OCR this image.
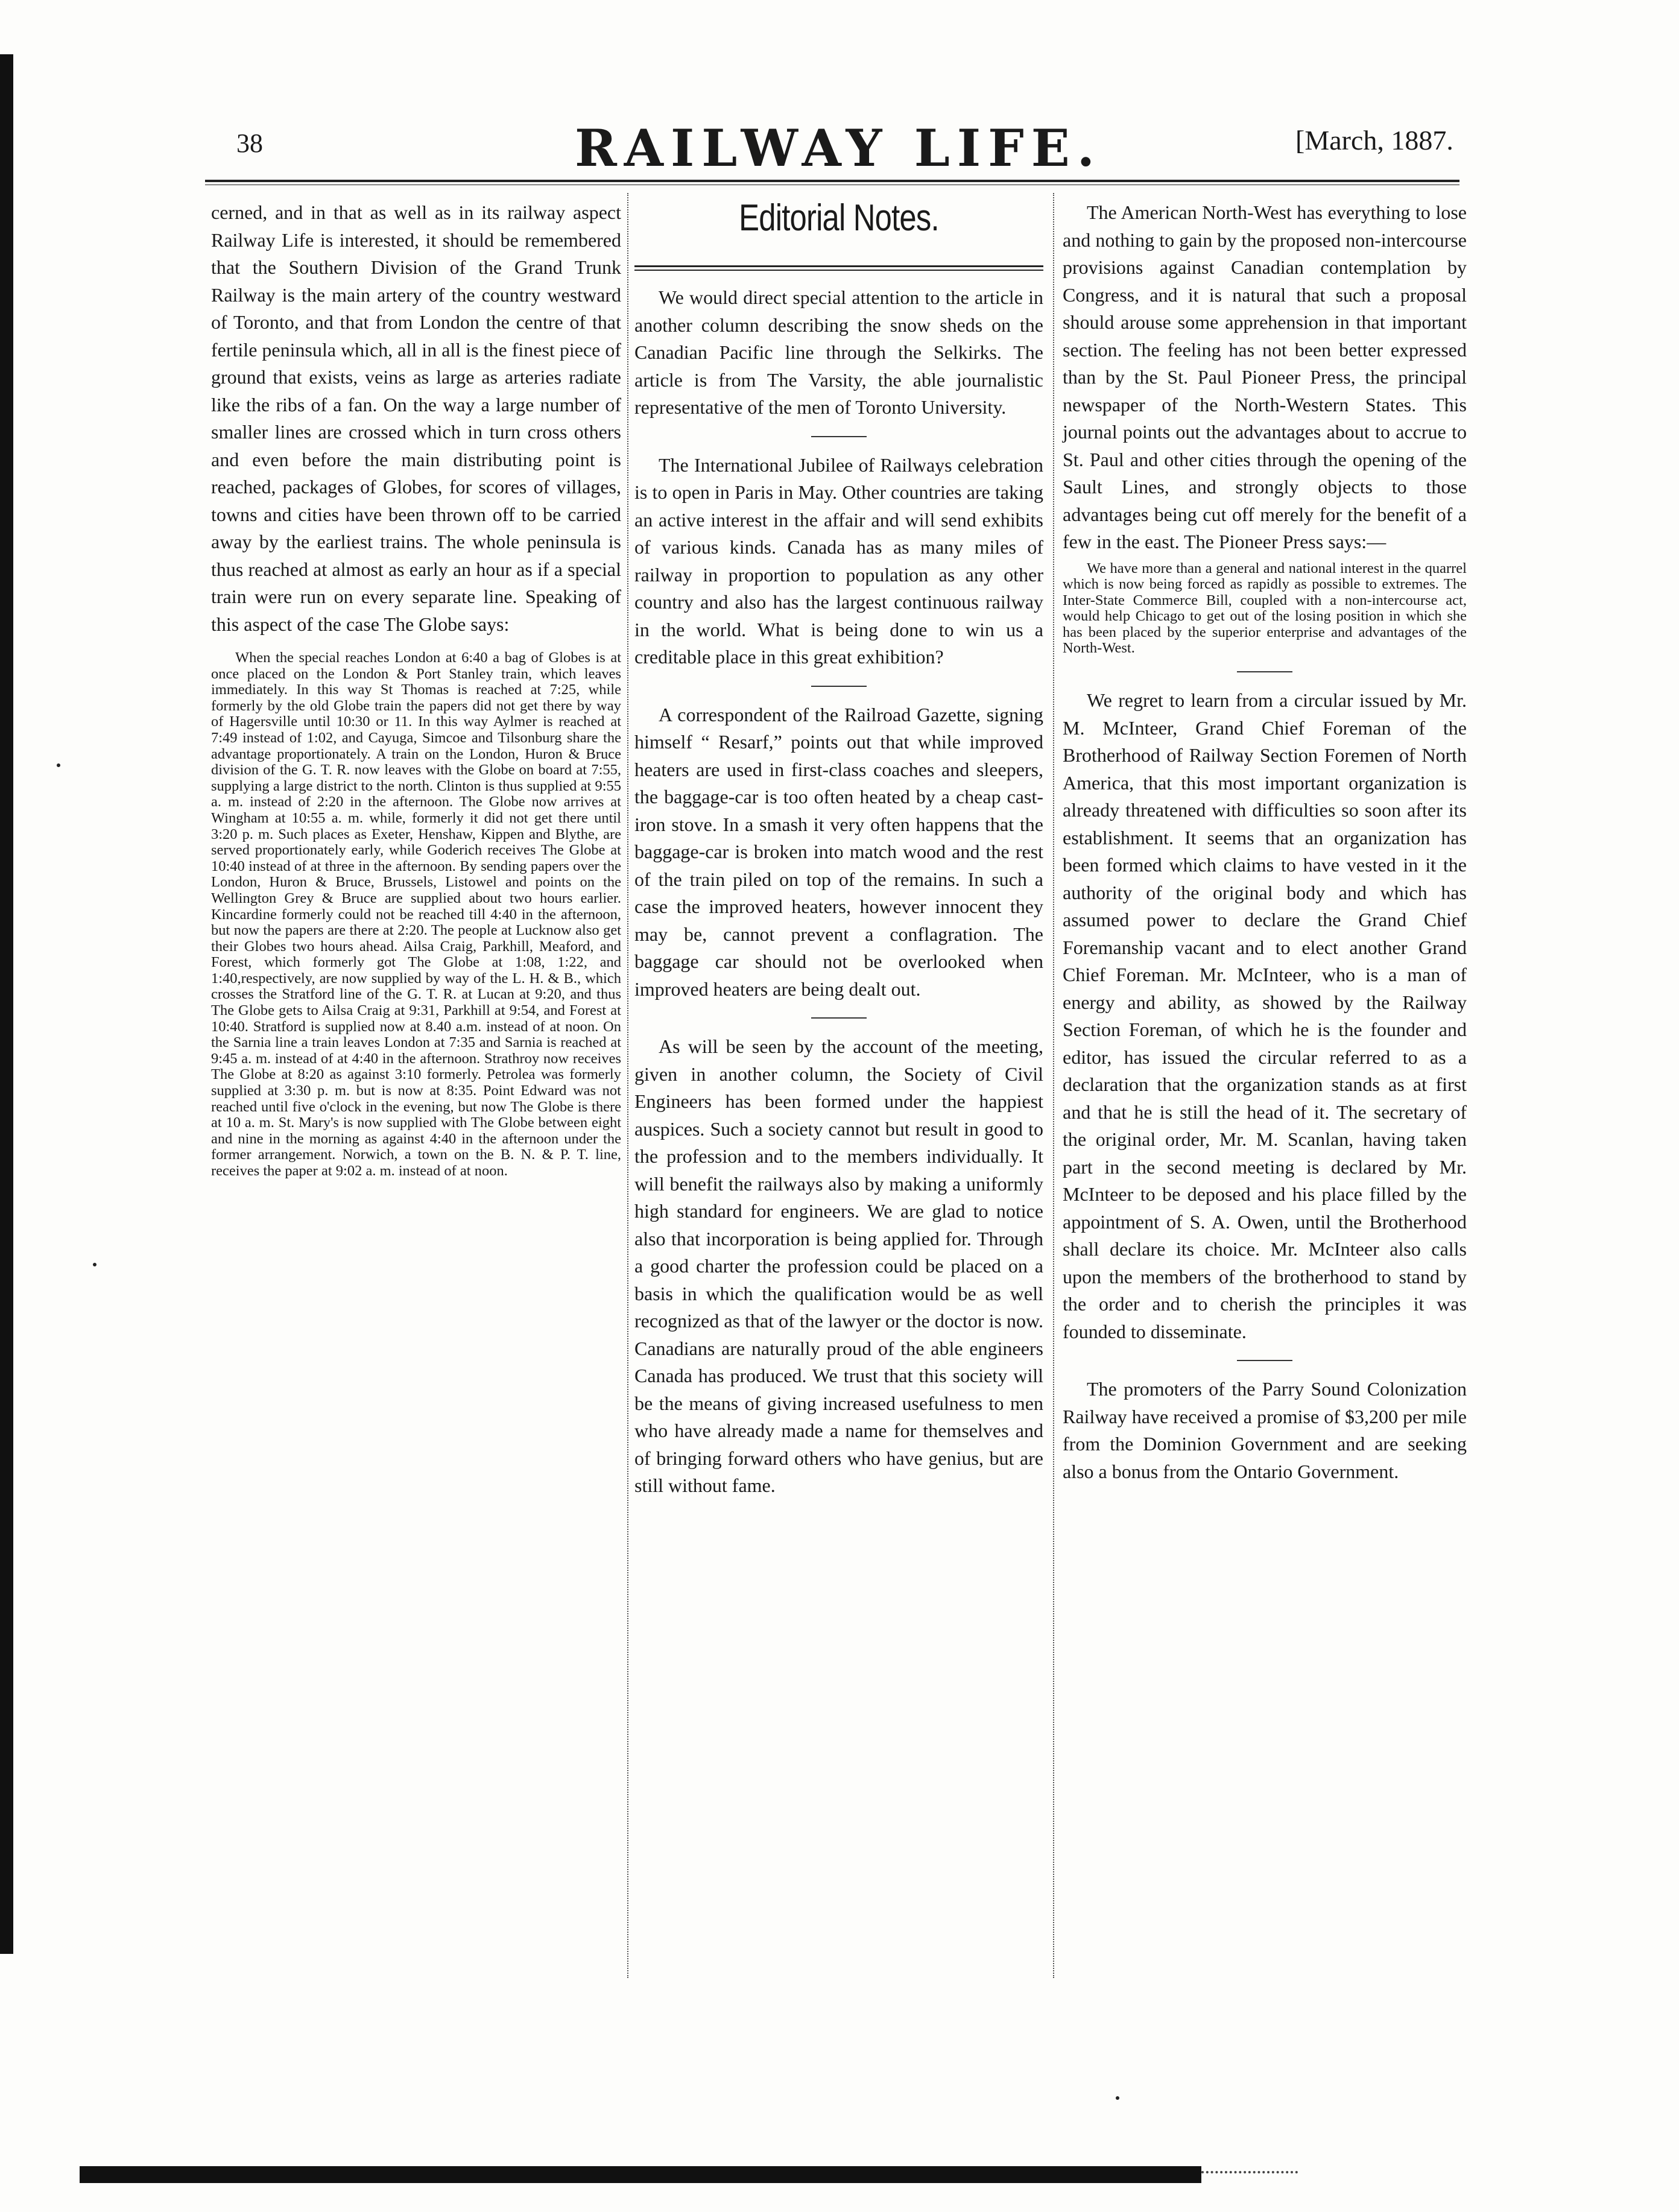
38	RAILWAY LIFE.	[March, 1887.

cerned, and in that as well as in its railway aspect Railway Life is interested, it should be remembered that the Southern Division of the Grand Trunk Railway is the main artery of the country westward of Toronto, and that from London the centre of that fertile peninsula which, all in all is the finest piece of ground that exists, veins as large as arteries radiate like the ribs of a fan. On the way a large number of smaller lines are crossed which in turn cross others and even before the main distributing point is reached, packages of Globes, for scores of villages, towns and cities have been thrown off to be carried away by the earliest trains. The whole peninsula is thus reached at almost as early an hour as if a special train were run on every separate line. Speaking of this aspect of the case The Globe says:

When the special reaches London at 6:40 a bag of Globes is at once placed on the London & Port Stanley train, which leaves immediately. In this way St Thomas is reached at 7:25, while formerly by the old Globe train the papers did not get there by way of Hagersville until 10:30 or 11. In this way Aylmer is reached at 7:49 instead of 1:02, and Cayuga, Simcoe and Tilsonburg share the advantage proportionately. A train on the London, Huron & Bruce division of the G. T. R. now leaves with the Globe on board at 7:55, supplying a large district to the north. Clinton is thus supplied at 9:55 a. m. instead of 2:20 in the afternoon. The Globe now arrives at Wingham at 10:55 a. m. while, formerly it did not get there until 3:20 p. m. Such places as Exeter, Henshaw, Kippen and Blythe, are served proportionately early, while Goderich receives The Globe at 10:40 instead of at three in the afternoon. By sending papers over the London, Huron & Bruce, Brussels, Listowel and points on the Wellington Grey & Bruce are supplied about two hours earlier. Kincardine formerly could not be reached till 4:40 in the afternoon, but now the papers are there at 2:20. The people at Lucknow also get their Globes two hours ahead. Ailsa Craig, Parkhill, Meaford, and Forest, which formerly got The Globe at 1:08, 1:22, and 1:40,respectively, are now supplied by way of the L. H. & B., which crosses the Stratford line of the G. T. R. at Lucan at 9:20, and thus The Globe gets to Ailsa Craig at 9:31, Parkhill at 9:54, and Forest at 10:40. Stratford is supplied now at 8.40 a.m. instead of at noon. On the Sarnia line a train leaves London at 7:35 and Sarnia is reached at 9:45 a. m. instead of at 4:40 in the afternoon. Strathroy now receives The Globe at 8:20 as against 3:10 formerly. Petrolea was formerly supplied at 3:30 p. m. but is now at 8:35. Point Edward was not reached until five o'clock in the evening, but now The Globe is there at 10 a. m. St. Mary's is now supplied with The Globe between eight and nine in the morning as against 4:40 in the afternoon under the former arrangement. Norwich, a town on the B. N. & P. T. line, receives the paper at 9:02 a. m. instead of at noon.

Editorial Notes.

We would direct special attention to the article in another column describing the snow sheds on the Canadian Pacific line through the Selkirks. The article is from The Varsity, the able journalistic representative of the men of Toronto University.

The International Jubilee of Railways celebration is to open in Paris in May. Other countries are taking an active interest in the affair and will send exhibits of various kinds. Canada has as many miles of railway in proportion to population as any other country and also has the largest continuous railway in the world. What is being done to win us a creditable place in this great exhibition?

A correspondent of the Railroad Gazette, signing himself “ Resarf,” points out that while improved heaters are used in first-class coaches and sleepers, the baggage-car is too often heated by a cheap cast-iron stove. In a smash it very often happens that the baggage-car is broken into match wood and the rest of the train piled on top of the remains. In such a case the improved heaters, however innocent they may be, cannot prevent a conflagration. The baggage car should not be overlooked when improved heaters are being dealt out.

As will be seen by the account of the meeting, given in another column, the Society of Civil Engineers has been formed under the happiest auspices. Such a society cannot but result in good to the profession and to the members individually. It will benefit the railways also by making a uniformly high standard for engineers. We are glad to notice also that incorporation is being applied for. Through a good charter the profession could be placed on a basis in which the qualification would be as well recognized as that of the lawyer or the doctor is now. Canadians are naturally proud of the able engineers Canada has produced. We trust that this society will be the means of giving increased usefulness to men who have already made a name for themselves and of bringing forward others who have genius, but are still without fame.

The American North-West has everything to lose and nothing to gain by the proposed non-intercourse provisions against Canadian contemplation by Congress, and it is natural that such a proposal should arouse some apprehension in that important section. The feeling has not been better expressed than by the St. Paul Pioneer Press, the principal newspaper of the North-Western States. This journal points out the advantages about to accrue to St. Paul and other cities through the opening of the Sault Lines, and strongly objects to those advantages being cut off merely for the benefit of a few in the east. The Pioneer Press says:—

We have more than a general and national interest in the quarrel which is now being forced as rapidly as possible to extremes. The Inter-State Commerce Bill, coupled with a non-intercourse act, would help Chicago to get out of the losing position in which she has been placed by the superior enterprise and advantages of the North-West.

We regret to learn from a circular issued by Mr. M. McInteer, Grand Chief Foreman of the Brotherhood of Railway Section Foremen of North America, that this most important organization is already threatened with difficulties so soon after its establishment. It seems that an organization has been formed which claims to have vested in it the authority of the original body and which has assumed power to declare the Grand Chief Foremanship vacant and to elect another Grand Chief Foreman. Mr. McInteer, who is a man of energy and ability, as showed by the Railway Section Foreman, of which he is the founder and editor, has issued the circular referred to as a declaration that the organization stands as at first and that he is still the head of it. The secretary of the original order, Mr. M. Scanlan, having taken part in the second meeting is declared by Mr. McInteer to be deposed and his place filled by the appointment of S. A. Owen, until the Brotherhood shall declare its choice. Mr. McInteer also calls upon the members of the brotherhood to stand by the order and to cherish the principles it was founded to disseminate.

The promoters of the Parry Sound Colonization Railway have received a promise of $3,200 per mile from the Dominion Government and are seeking also a bonus from the Ontario Government.
